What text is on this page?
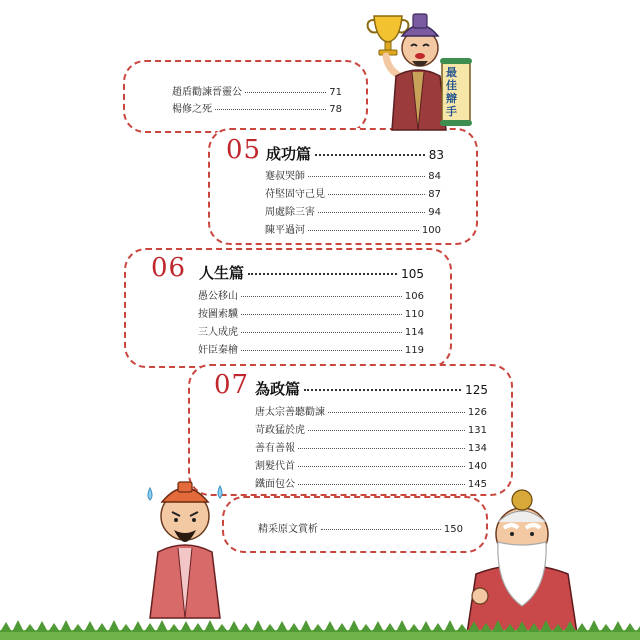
趙盾勸諫晉靈公	71
楊修之死	78
05 成功篇	83
蹇叔哭師	84
苻堅固守己見	87
周處除三害	94
陳平過河	100
06 人生篇	105
愚公移山	106
按圖索驥	110
三人成虎	114
奸臣秦檜	119
07 為政篇	125
唐太宗善聽勸諫	126
苛政猛於虎	131
善有善報	134
割髮代首	140
鐵面包公	145
精采原文賞析	150
最佳辯手
